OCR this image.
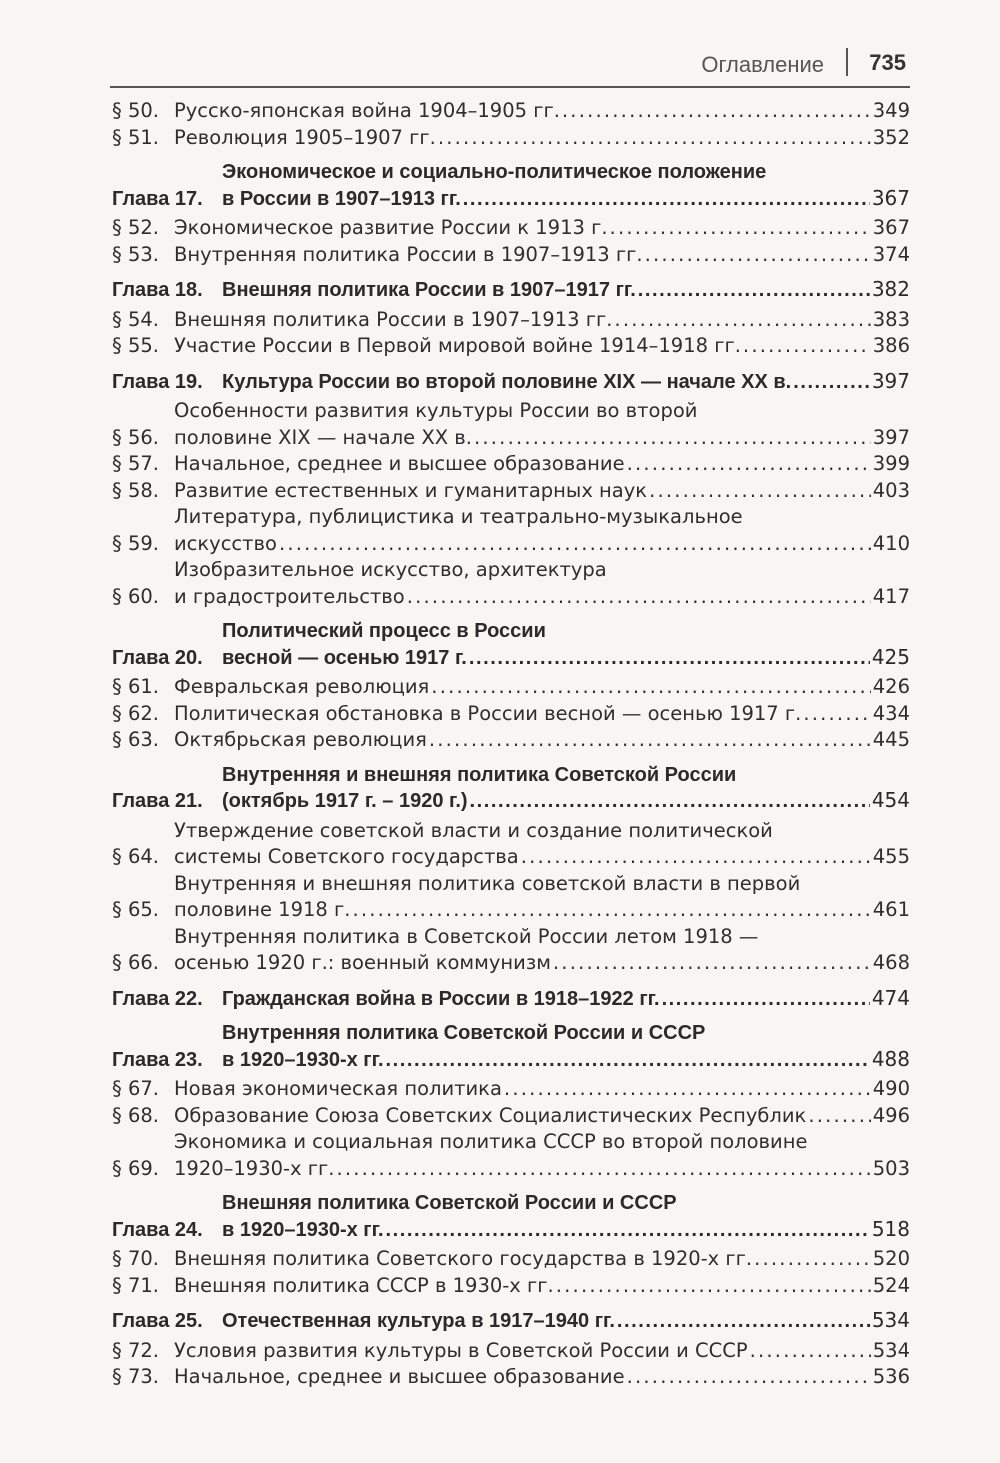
Оглавление 735
§ 50. Русско-японская война 1904–1905 гг. . . .	349
§ 51. Революция 1905–1907 гг. . . .	352
Глава 17.
Экономическое и социально-политическое положение
в России в 1907–1913 гг. . . .	367
§ 52. Экономическое развитие России к 1913 г. . . .	367
§ 53. Внутренняя политика России в 1907–1913 гг. . . .	374
Глава 18. Внешняя политика России в 1907–1917 гг. . . .	382
§ 54. Внешняя политика России в 1907–1913 гг. . . .	383
§ 55. Участие России в Первой мировой войне 1914–1918 гг. . . .	386
Глава 19. Культура России во второй половине XIX — начале XX в. . . .	397
§ 56.
Особенности развития культуры России во второй
половине XIX — начале XX в. . . .	397
§ 57. Начальное, среднее и высшее образование . . .	399
§ 58. Развитие естественных и гуманитарных наук . . .	403
§ 59.
Литература, публицистика и театрально-музыкальное
искусство . . .	410
§ 60.
Изобразительное искусство, архитектура
и градостроительство . . .	417
Глава 20.
Политический процесс в России
весной — осенью 1917 г. . . .	425
§ 61. Февральская революция . . .	426
§ 62. Политическая обстановка в России весной — осенью 1917 г. . . .	434
§ 63. Октябрьская революция . . .	445
Глава 21.
Внутренняя и внешняя политика Советской России
(октябрь 1917 г. – 1920 г.) . . .	454
§ 64.
Утверждение советской власти и создание политической
системы Советского государства . . .	455
§ 65.
Внутренняя и внешняя политика советской власти в первой
половине 1918 г. . . .	461
§ 66.
Внутренняя политика в Советской России летом 1918 —
осенью 1920 г.: военный коммунизм . . .	468
Глава 22. Гражданская война в России в 1918–1922 гг. . . .	474
Глава 23.
Внутренняя политика Советской России и СССР
в 1920–1930-х гг. . . .	488
§ 67. Новая экономическая политика . . .	490
§ 68. Образование Союза Советских Социалистических Республик . . .	496
§ 69.
Экономика и социальная политика СССР во второй половине
1920–1930-х гг. . . .	503
Глава 24.
Внешняя политика Советской России и СССР
в 1920–1930-х гг. . . .	518
§ 70. Внешняя политика Советского государства в 1920-х гг. . . .	520
§ 71. Внешняя политика СССР в 1930-х гг. . . .	524
Глава 25. Отечественная культура в 1917–1940 гг. . . .	534
§ 72. Условия развития культуры в Советской России и СССР . . .	534
§ 73. Начальное, среднее и высшее образование . . .	536
